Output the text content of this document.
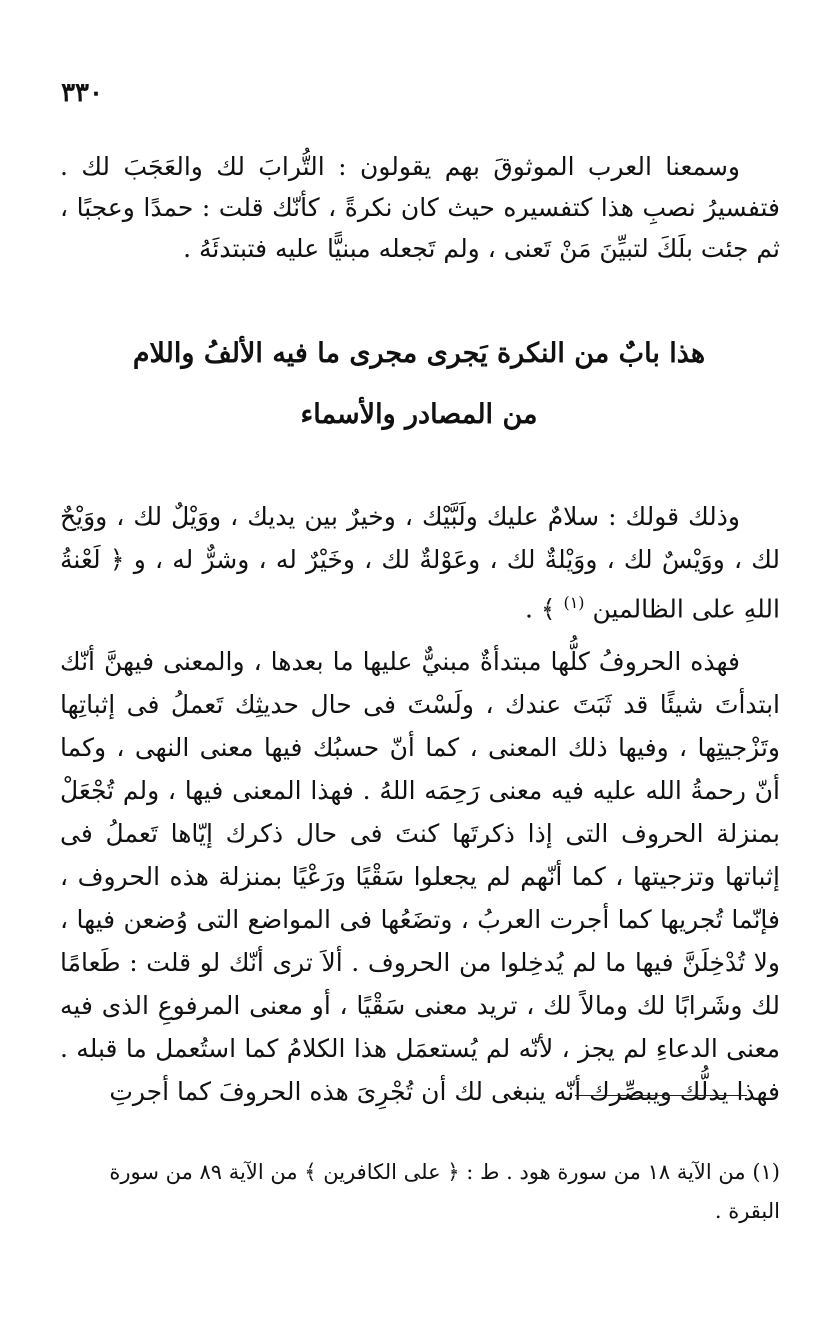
٣٣٠

وسمعنا العرب الموثوقَ بهم يقولون : التُّرابَ لك والعَجَبَ لك . فتفسيرُ نصبِ هذا كتفسيره حيث كان نكرةً ، كأنّك قلت : حمدًا وعجبًا ، ثم جئت بلَكَ لتبيِّنَ مَنْ تَعنى ، ولم تَجعله مبنيًّا عليه فتبتدئَهُ .

هذا بابٌ من النكرة يَجرى مجرى ما فيه الألفُ واللام
من المصادر والأسماء

وذلك قولك : سلامٌ عليك ولَبَّيْك ، وخيرٌ بين يديك ، ووَيْلٌ لك ، ووَيْحٌ لك ، ووَيْسٌ لك ، ووَيْلةٌ لك ، وعَوْلةٌ لك ، وخَيْرٌ له ، وشرٌّ له ، و ﴿ لَعْنةُ اللهِ على الظالمين $^{(١)}$ ﴾ .

فهذه الحروفُ كلُّها مبتدأةٌ مبنيٌّ عليها ما بعدها ، والمعنى فيهنَّ أنّك ابتدأتَ شيئًا قد ثَبَتَ عندك ، ولَسْتَ فى حال حديثِك تَعملُ فى إثباتِها وتَزْجيتِها ، وفيها ذلك المعنى ، كما أنّ حسبُك فيها معنى النهى ، وكما أنّ رحمةُ الله عليه فيه معنى رَحِمَه اللهُ . فهذا المعنى فيها ، ولم تُجْعَلْ بمنزلة الحروف التى إذا ذكرتَها كنتَ فى حال ذكرك إيّاها تَعملُ فى إثباتها وتزجيتها ، كما أنّهم لم يجعلوا سَقْيًا ورَعْيًا بمنزلة هذه الحروف ، فإنّما تُجريها كما أجرت العربُ ، وتضَعُها فى المواضع التى وُضعن فيها ، ولا تُدْخِلَنَّ فيها ما لم يُدخِلوا من الحروف . ألاَ ترى أنّك لو قلت : طَعامًا لك وشَرابًا لك ومالاً لك ، تريد معنى سَقْيًا ، أو معنى المرفوعِ الذى فيه معنى الدعاءِ لم يجز ، لأنّه لم يُستعمَل هذا الكلامُ كما استُعمل ما قبله . فهذا يدلُّك ويبصِّرك أنّه ينبغى لك أن تُجْرِىَ هذه الحروفَ كما أجرتِ

(١) من الآية ١٨ من سورة هود . ط : ﴿ على الكافرين ﴾ من الآية ٨٩ من سورة البقرة .
